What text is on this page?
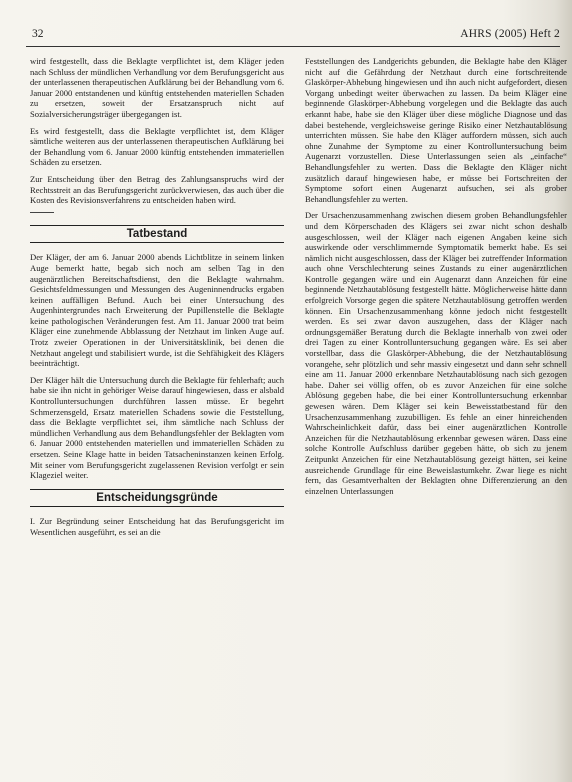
32	AHRS (2005) Heft 2

wird festgestellt, dass die Beklagte verpflichtet ist, dem Kläger jeden nach Schluss der mündlichen Verhandlung vor dem Berufungsgericht aus der unterlassenen therapeutischen Aufklärung bei der Behandlung vom 6. Januar 2000 entstandenen und künftig entstehenden materiellen Schaden zu ersetzen, soweit der Ersatzanspruch nicht auf Sozialversicherungsträger übergegangen ist.

Es wird festgestellt, dass die Beklagte verpflichtet ist, dem Kläger sämtliche weiteren aus der unterlassenen therapeutischen Aufklärung bei der Behandlung vom 6. Januar 2000 künftig entstehenden immateriellen Schäden zu ersetzen.

Zur Entscheidung über den Betrag des Zahlungsanspruchs wird der Rechtsstreit an das Berufungsgericht zurückverwiesen, das auch über die Kosten des Revisionsverfahrens zu entscheiden haben wird.

Tatbestand

Der Kläger, der am 6. Januar 2000 abends Lichtblitze in seinem linken Auge bemerkt hatte, begab sich noch am selben Tag in den augenärztlichen Bereitschaftsdienst, den die Beklagte wahrnahm. Gesichtsfeldmessungen und Messungen des Augeninnendrucks ergaben keinen auffälligen Befund. Auch bei einer Untersuchung des Augenhintergrundes nach Erweiterung der Pupillenstelle die Beklagte keine pathologischen Veränderungen fest. Am 11. Januar 2000 trat beim Kläger eine zunehmende Abblassung der Netzhaut im linken Auge auf. Trotz zweier Operationen in der Universitätsklinik, bei denen die Netzhaut angelegt und stabilisiert wurde, ist die Sehfähigkeit des Klägers beeinträchtigt.

Der Kläger hält die Untersuchung durch die Beklagte für fehlerhaft; auch habe sie ihn nicht in gehöriger Weise darauf hingewiesen, dass er alsbald Kontrolluntersuchungen durchführen lassen müsse. Er begehrt Schmerzensgeld, Ersatz materiellen Schadens sowie die Feststellung, dass die Beklagte verpflichtet sei, ihm sämtliche nach Schluss der mündlichen Verhandlung aus dem Behandlungsfehler der Beklagten vom 6. Januar 2000 entstehenden materiellen und immateriellen Schäden zu ersetzen. Seine Klage hatte in beiden Tatsacheninstanzen keinen Erfolg. Mit seiner vom Berufungsgericht zugelassenen Revision verfolgt er sein Klageziel weiter.

Entscheidungsgründe

I. Zur Begründung seiner Entscheidung hat das Berufungsgericht im Wesentlichen ausgeführt, es sei an die

Feststellungen des Landgerichts gebunden, die Beklagte habe den Kläger nicht auf die Gefährdung der Netzhaut durch eine fortschreitende Glaskörper-Abhebung hingewiesen und ihn auch nicht aufgefordert, diesen Vorgang unbedingt weiter überwachen zu lassen. Da beim Kläger eine beginnende Glaskörper-Abhebung vorgelegen und die Beklagte das auch erkannt habe, habe sie den Kläger über diese mögliche Diagnose und das dabei bestehende, vergleichsweise geringe Risiko einer Netzhautablösung unterrichten müssen. Sie habe den Kläger auffordern müssen, sich auch ohne Zunahme der Symptome zu einer Kontrolluntersuchung beim Augenarzt vorzustellen. Diese Unterlassungen seien als „einfache“ Behandlungsfehler zu werten. Dass die Beklagte den Kläger nicht zusätzlich darauf hingewiesen habe, er müsse bei Fortschreiten der Symptome sofort einen Augenarzt aufsuchen, sei als grober Behandlungsfehler zu werten.

Der Ursachenzusammenhang zwischen diesem groben Behandlungsfehler und dem Körperschaden des Klägers sei zwar nicht schon deshalb ausgeschlossen, weil der Kläger nach eigenen Angaben keine sich auswirkende oder verschlimmernde Symptomatik bemerkt habe. Es sei nämlich nicht ausgeschlossen, dass der Kläger bei zutreffender Information auch ohne Verschlechterung seines Zustands zu einer augenärztlichen Kontrolle gegangen wäre und ein Augenarzt dann Anzeichen für eine beginnende Netzhautablösung festgestellt hätte. Möglicherweise hätte dann erfolgreich Vorsorge gegen die spätere Netzhautablösung getroffen werden können. Ein Ursachenzusammenhang könne jedoch nicht festgestellt werden. Es sei zwar davon auszugehen, dass der Kläger nach ordnungsgemäßer Beratung durch die Beklagte innerhalb von zwei oder drei Tagen zu einer Kontrolluntersuchung gegangen wäre. Es sei aber vorstellbar, dass die Glaskörper-Abhebung, die der Netzhautablösung vorangehe, sehr plötzlich und sehr massiv eingesetzt und dann sehr schnell eine am 11. Januar 2000 erkennbare Netzhautablösung nach sich gezogen habe. Daher sei völlig offen, ob es zuvor Anzeichen für eine solche Ablösung gegeben habe, die bei einer Kontrolluntersuchung erkennbar gewesen wären. Dem Kläger sei kein Beweisstatbestand für den Ursachenzusammenhang zuzubilligen. Es fehle an einer hinreichenden Wahrscheinlichkeit dafür, dass bei einer augenärztlichen Kontrolle Anzeichen für die Netzhautablösung erkennbar gewesen wären. Dass eine solche Kontrolle Aufschluss darüber gegeben hätte, ob sich zu jenem Zeitpunkt Anzeichen für eine Netzhautablösung gezeigt hätten, sei keine ausreichende Grundlage für eine Beweislastumkehr. Zwar liege es nicht fern, das Gesamtverhalten der Beklagten ohne Differenzierung an den einzelnen Unterlassungen
